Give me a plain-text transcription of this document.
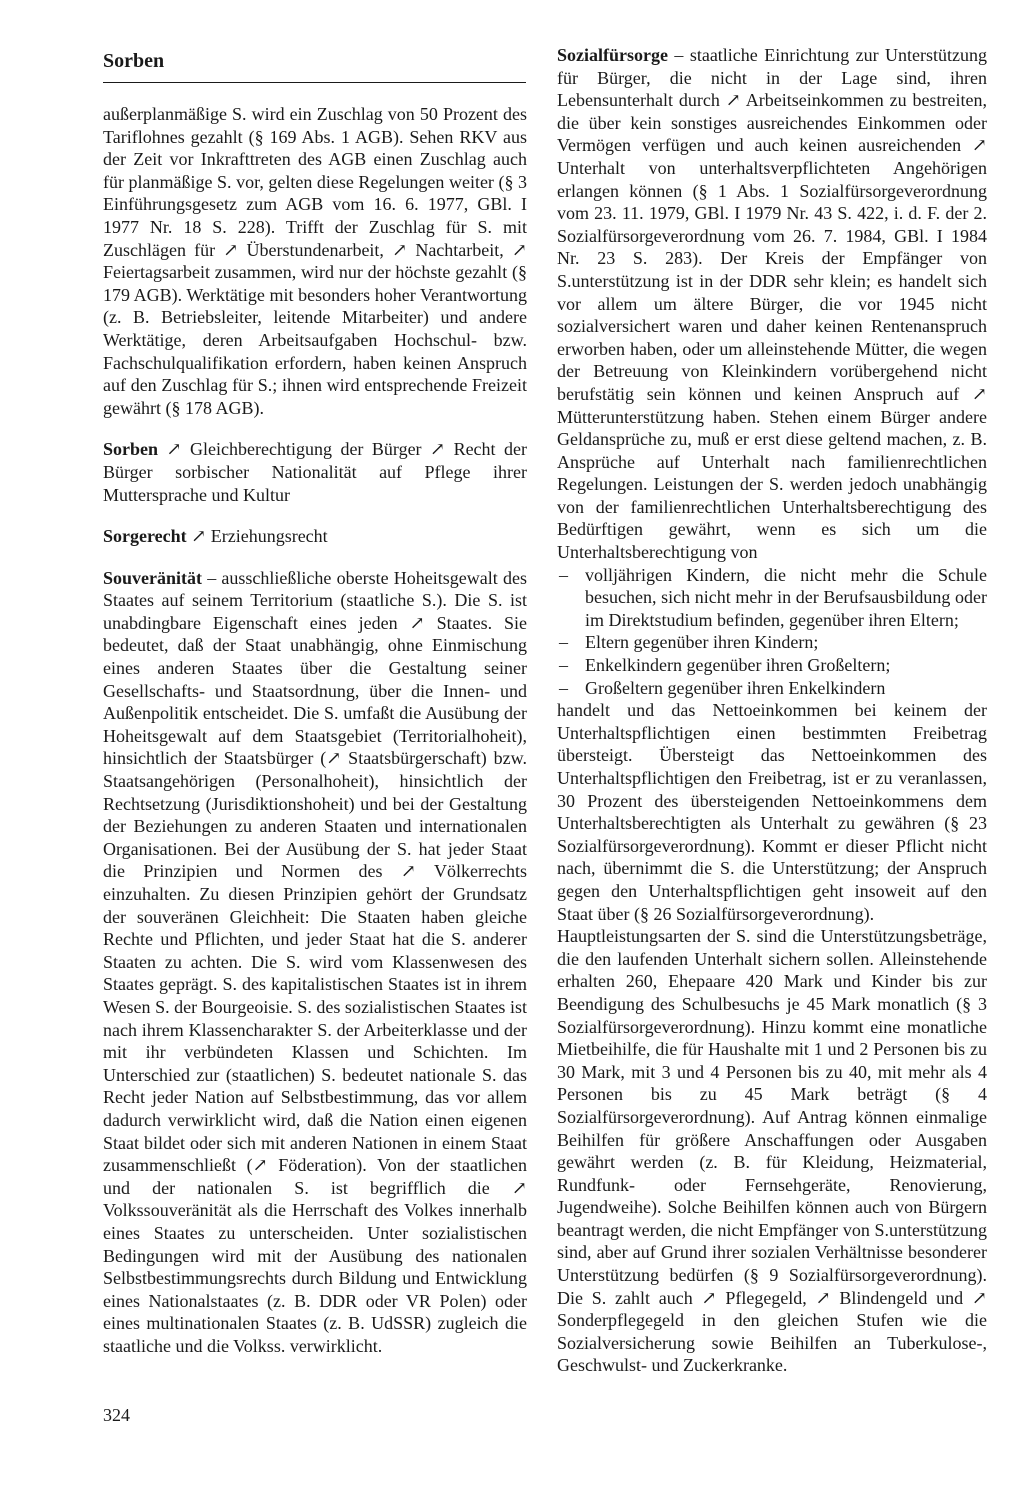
Sorben

außerplanmäßige S. wird ein Zuschlag von 50 Prozent des Tariflohnes gezahlt (§ 169 Abs. 1 AGB). Sehen RKV aus der Zeit vor Inkrafttreten des AGB einen Zuschlag auch für planmäßige S. vor, gelten diese Regelungen weiter (§ 3 Einführungsgesetz zum AGB vom 16. 6. 1977, GBl. I 1977 Nr. 18 S. 228). Trifft der Zuschlag für S. mit Zuschlägen für ↗ Überstundenarbeit, ↗ Nachtarbeit, ↗ Feiertagsarbeit zusammen, wird nur der höchste gezahlt (§ 179 AGB). Werktätige mit besonders hoher Verantwortung (z. B. Betriebsleiter, leitende Mitarbeiter) und andere Werktätige, deren Arbeitsaufgaben Hochschul- bzw. Fachschulqualifikation erfordern, haben keinen Anspruch auf den Zuschlag für S.; ihnen wird entsprechende Freizeit gewährt (§ 178 AGB).

Sorben ↗ Gleichberechtigung der Bürger ↗ Recht der Bürger sorbischer Nationalität auf Pflege ihrer Muttersprache und Kultur

Sorgerecht ↗ Erziehungsrecht

Souveränität – ausschließliche oberste Hoheitsgewalt des Staates auf seinem Territorium (staatliche S.). Die S. ist unabdingbare Eigenschaft eines jeden ↗ Staates. Sie bedeutet, daß der Staat unabhängig, ohne Einmischung eines anderen Staates über die Gestaltung seiner Gesellschafts- und Staatsordnung, über die Innen- und Außenpolitik entscheidet. Die S. umfaßt die Ausübung der Hoheitsgewalt auf dem Staatsgebiet (Territorialhoheit), hinsichtlich der Staatsbürger (↗ Staatsbürgerschaft) bzw. Staatsangehörigen (Personalhoheit), hinsichtlich der Rechtsetzung (Jurisdiktionshoheit) und bei der Gestaltung der Beziehungen zu anderen Staaten und internationalen Organisationen. Bei der Ausübung der S. hat jeder Staat die Prinzipien und Normen des ↗ Völkerrechts einzuhalten. Zu diesen Prinzipien gehört der Grundsatz der souveränen Gleichheit: Die Staaten haben gleiche Rechte und Pflichten, und jeder Staat hat die S. anderer Staaten zu achten. Die S. wird vom Klassenwesen des Staates geprägt. S. des kapitalistischen Staates ist in ihrem Wesen S. der Bourgeoisie. S. des sozialistischen Staates ist nach ihrem Klassencharakter S. der Arbeiterklasse und der mit ihr verbündeten Klassen und Schichten. Im Unterschied zur (staatlichen) S. bedeutet nationale S. das Recht jeder Nation auf Selbstbestimmung, das vor allem dadurch verwirklicht wird, daß die Nation einen eigenen Staat bildet oder sich mit anderen Nationen in einem Staat zusammenschließt (↗ Föderation). Von der staatlichen und der nationalen S. ist begrifflich die ↗ Volkssouveränität als die Herrschaft des Volkes innerhalb eines Staates zu unterscheiden. Unter sozialistischen Bedingungen wird mit der Ausübung des nationalen Selbstbestimmungsrechts durch Bildung und Entwicklung eines Nationalstaates (z. B. DDR oder VR Polen) oder eines multinationalen Staates (z. B. UdSSR) zugleich die staatliche und die Volkss. verwirklicht.

Sozialfürsorge – staatliche Einrichtung zur Unterstützung für Bürger, die nicht in der Lage sind, ihren Lebensunterhalt durch ↗ Arbeitseinkommen zu bestreiten, die über kein sonstiges ausreichendes Einkommen oder Vermögen verfügen und auch keinen ausreichenden ↗ Unterhalt von unterhaltsverpflichteten Angehörigen erlangen können (§ 1 Abs. 1 Sozialfürsorgeverordnung vom 23. 11. 1979, GBl. I 1979 Nr. 43 S. 422, i. d. F. der 2. Sozialfürsorgeverordnung vom 26. 7. 1984, GBl. I 1984 Nr. 23 S. 283). Der Kreis der Empfänger von S.unterstützung ist in der DDR sehr klein; es handelt sich vor allem um ältere Bürger, die vor 1945 nicht sozialversichert waren und daher keinen Rentenanspruch erworben haben, oder um alleinstehende Mütter, die wegen der Betreuung von Kleinkindern vorübergehend nicht berufstätig sein können und keinen Anspruch auf ↗ Mütterunterstützung haben. Stehen einem Bürger andere Geldansprüche zu, muß er erst diese geltend machen, z. B. Ansprüche auf Unterhalt nach familienrechtlichen Regelungen. Leistungen der S. werden jedoch unabhängig von der familienrechtlichen Unterhaltsberechtigung des Bedürftigen gewährt, wenn es sich um die Unterhaltsberechtigung von

– volljährigen Kindern, die nicht mehr die Schule besuchen, sich nicht mehr in der Berufsausbildung oder im Direktstudium befinden, gegenüber ihren Eltern;
– Eltern gegenüber ihren Kindern;
– Enkelkindern gegenüber ihren Großeltern;
– Großeltern gegenüber ihren Enkelkindern

handelt und das Nettoeinkommen bei keinem der Unterhaltspflichtigen einen bestimmten Freibetrag übersteigt. Übersteigt das Nettoeinkommen des Unterhaltspflichtigen den Freibetrag, ist er zu veranlassen, 30 Prozent des übersteigenden Nettoeinkommens dem Unterhaltsberechtigten als Unterhalt zu gewähren (§ 23 Sozialfürsorgeverordnung). Kommt er dieser Pflicht nicht nach, übernimmt die S. die Unterstützung; der Anspruch gegen den Unterhaltspflichtigen geht insoweit auf den Staat über (§ 26 Sozialfürsorgeverordnung).

Hauptleistungsarten der S. sind die Unterstützungsbeträge, die den laufenden Unterhalt sichern sollen. Alleinstehende erhalten 260, Ehepaare 420 Mark und Kinder bis zur Beendigung des Schulbesuchs je 45 Mark monatlich (§ 3 Sozialfürsorgeverordnung). Hinzu kommt eine monatliche Mietbeihilfe, die für Haushalte mit 1 und 2 Personen bis zu 30 Mark, mit 3 und 4 Personen bis zu 40, mit mehr als 4 Personen bis zu 45 Mark beträgt (§ 4 Sozialfürsorgeverordnung). Auf Antrag können einmalige Beihilfen für größere Anschaffungen oder Ausgaben gewährt werden (z. B. für Kleidung, Heizmaterial, Rundfunk- oder Fernsehgeräte, Renovierung, Jugendweihe). Solche Beihilfen können auch von Bürgern beantragt werden, die nicht Empfänger von S.unterstützung sind, aber auf Grund ihrer sozialen Verhältnisse besonderer Unterstützung bedürfen (§ 9 Sozialfürsorgeverordnung). Die S. zahlt auch ↗ Pflegegeld, ↗ Blindengeld und ↗ Sonderpflegegeld in den gleichen Stufen wie die Sozialversicherung sowie Beihilfen an Tuberkulose-, Geschwulst- und Zuckerkranke.

324
